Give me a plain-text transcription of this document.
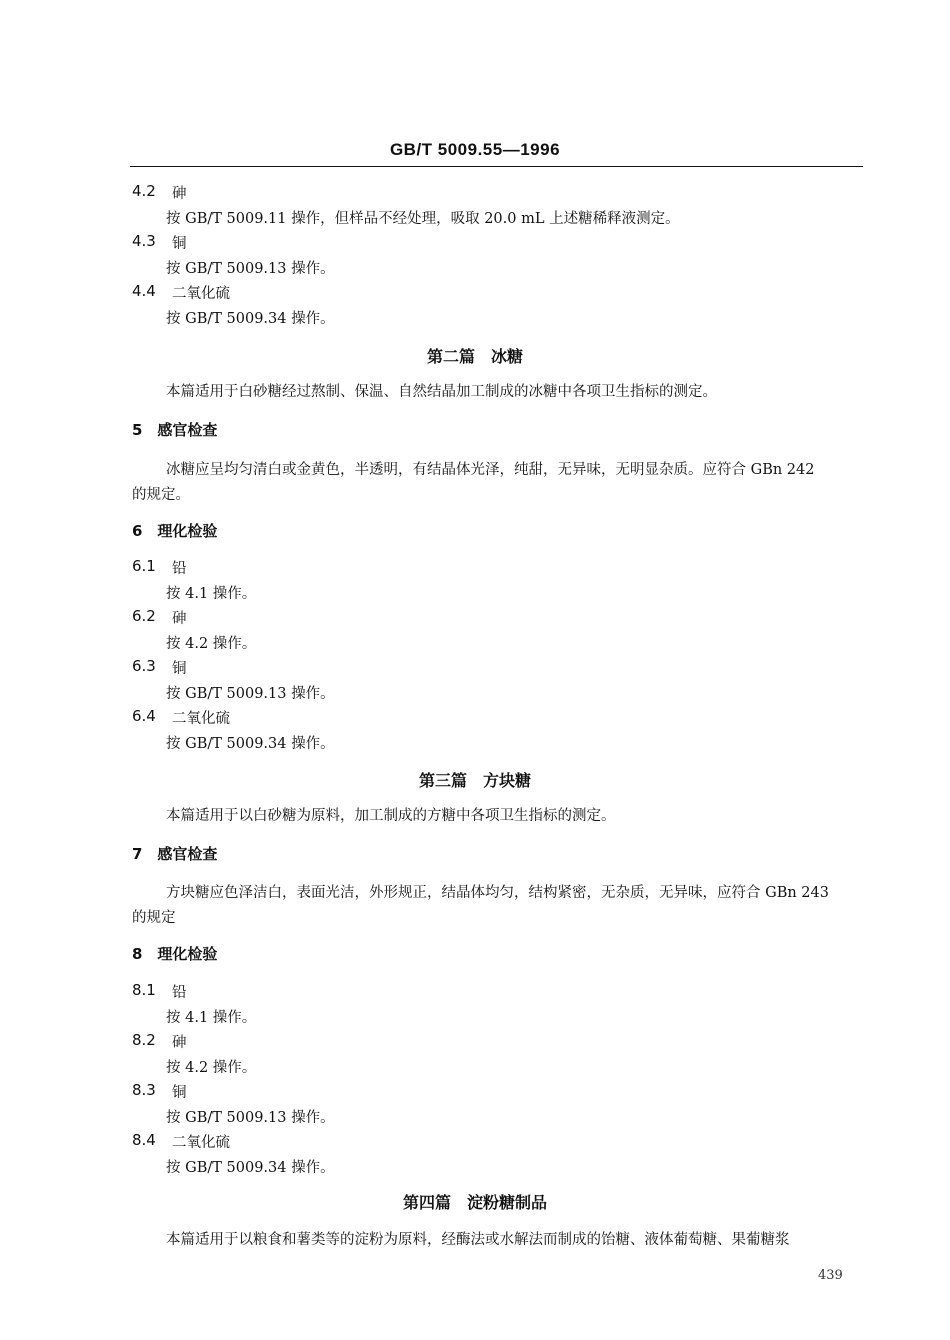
GB/T 5009.55—1996
4.2 砷
按 GB/T 5009.11 操作，但样品不经处理，吸取 20.0 mL 上述糖稀释液测定。
4.3 铜
按 GB/T 5009.13 操作。
4.4 二氧化硫
按 GB/T 5009.34 操作。
第二篇　冰糖
本篇适用于白砂糖经过熬制、保温、自然结晶加工制成的冰糖中各项卫生指标的测定。
5　感官检查
冰糖应呈均匀清白或金黄色，半透明，有结晶体光泽，纯甜，无异味，无明显杂质。应符合 GBn 242
的规定。
6　理化检验
6.1 铅
按 4.1 操作。
6.2 砷
按 4.2 操作。
6.3 铜
按 GB/T 5009.13 操作。
6.4 二氧化硫
按 GB/T 5009.34 操作。
第三篇　方块糖
本篇适用于以白砂糖为原料，加工制成的方糖中各项卫生指标的测定。
7　感官检查
方块糖应色泽洁白，表面光洁，外形规正，结晶体均匀，结构紧密，无杂质，无异味，应符合 GBn 243
的规定
8　理化检验
8.1 铅
按 4.1 操作。
8.2 砷
按 4.2 操作。
8.3 铜
按 GB/T 5009.13 操作。
8.4 二氧化硫
按 GB/T 5009.34 操作。
第四篇　淀粉糖制品
本篇适用于以粮食和薯类等的淀粉为原料，经酶法或水解法而制成的饴糖、液体葡萄糖、果葡糖浆
439
